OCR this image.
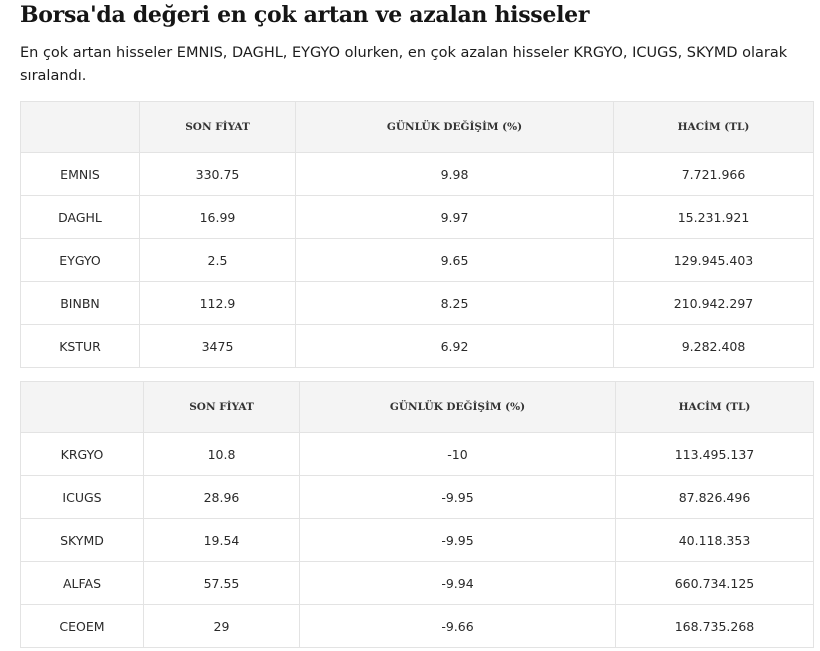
Borsa'da değeri en çok artan ve azalan hisseler

En çok artan hisseler EMNIS, DAGHL, EYGYO olurken, en çok azalan hisseler KRGYO, ICUGS, SKYMD olarak sıralandı.

	SON FİYAT	GÜNLÜK DEĞİŞİM (%)	HACİM (TL)
EMNIS	330.75	9.98	7.721.966
DAGHL	16.99	9.97	15.231.921
EYGYO	2.5	9.65	129.945.403
BINBN	112.9	8.25	210.942.297
KSTUR	3475	6.92	9.282.408
	SON FİYAT	GÜNLÜK DEĞİŞİM (%)	HACİM (TL)
KRGYO	10.8	-10	113.495.137
ICUGS	28.96	-9.95	87.826.496
SKYMD	19.54	-9.95	40.118.353
ALFAS	57.55	-9.94	660.734.125
CEOEM	29	-9.66	168.735.268
